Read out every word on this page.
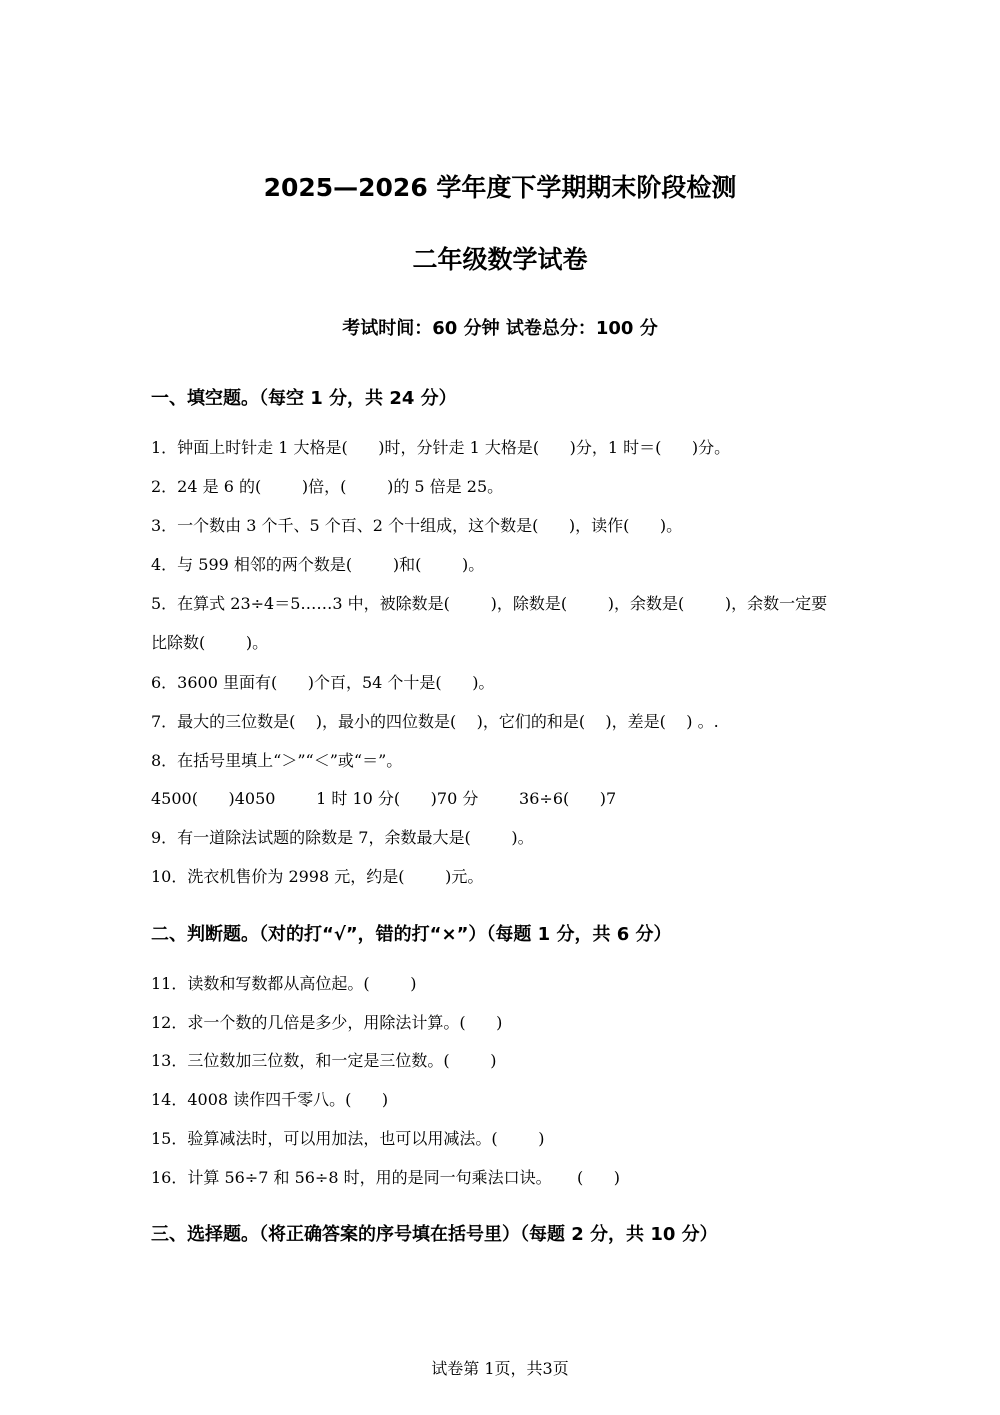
2025—2026 学年度下学期期末阶段检测
二年级数学试卷
考试时间：60 分钟 试卷总分：100 分
一、填空题。（每空 1 分，共 24 分）
1．钟面上时针走 1 大格是(      )时，分针走 1 大格是(      )分，1 时＝(      )分。
2．24 是 6 的(        )倍，(        )的 5 倍是 25。
3．一个数由 3 个千、5 个百、2 个十组成，这个数是(      )，读作(      )。
4．与 599 相邻的两个数是(        )和(        )。
5．在算式 23÷4＝5……3 中，被除数是(        )，除数是(        )，余数是(        )，余数一定要
比除数(        )。
6．3600 里面有(      )个百，54 个十是(      )。
7．最大的三位数是(    )，最小的四位数是(    )，它们的和是(    )，差是(    ) 。.
8．在括号里填上“＞”“＜”或“＝”。
4500(      )4050        1 时 10 分(      )70 分        36÷6(      )7
9．有一道除法试题的除数是 7，余数最大是(        )。
10．洗衣机售价为 2998 元，约是(        )元。
二、判断题。（对的打“√”，错的打“×”）（每题 1 分，共 6 分）
11．读数和写数都从高位起。(        )
12．求一个数的几倍是多少，用除法计算。(      )
13．三位数加三位数，和一定是三位数。(        )
14．4008 读作四千零八。(      )
15．验算减法时，可以用加法，也可以用减法。(        )
16．计算 56÷7 和 56÷8 时，用的是同一句乘法口诀。     (      )
三、选择题。（将正确答案的序号填在括号里）（每题 2 分，共 10 分）
试卷第 1页，共3页
